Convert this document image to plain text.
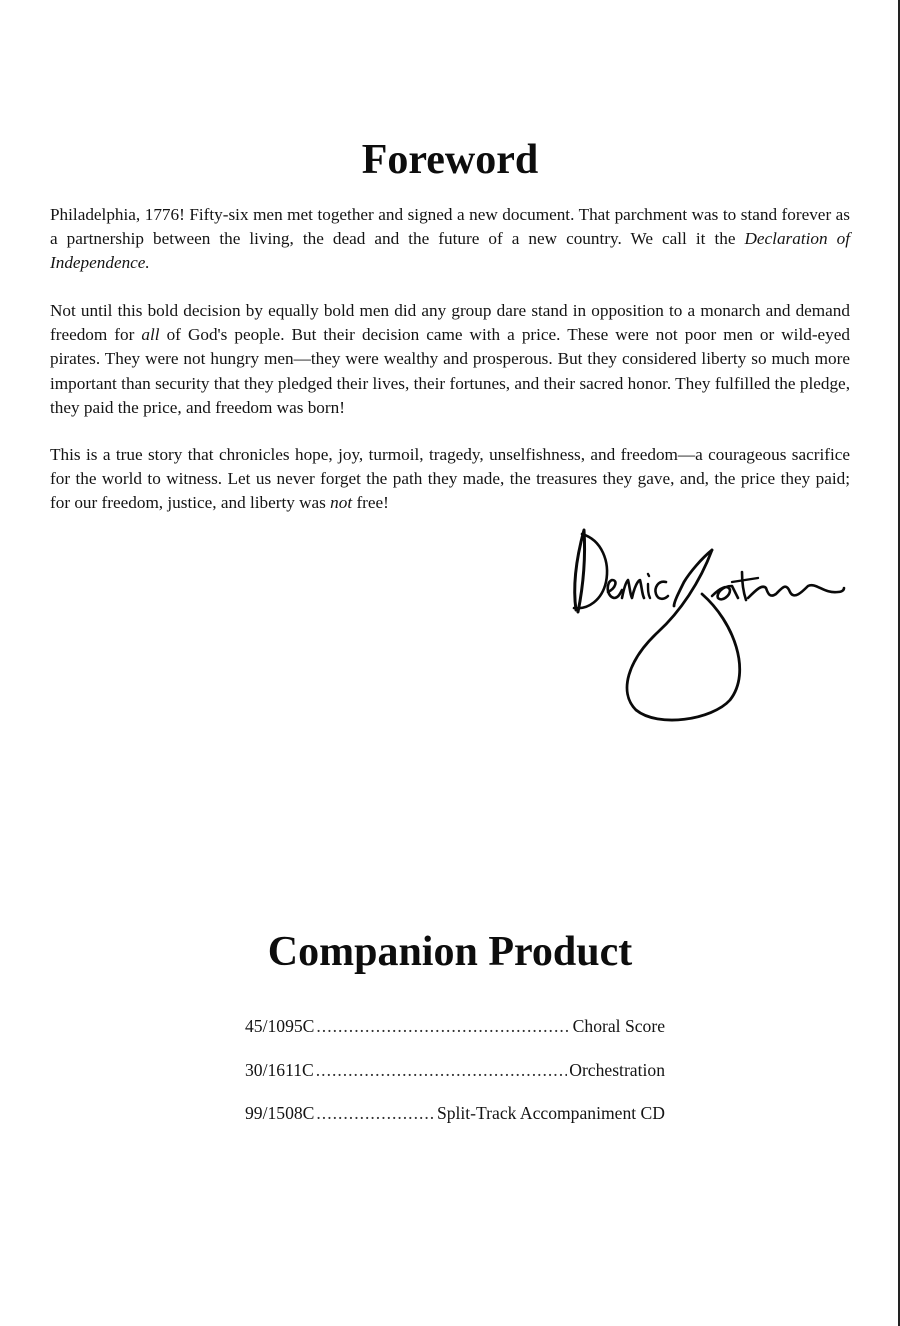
Foreword

Philadelphia, 1776! Fifty-six men met together and signed a new document. That parchment was to stand forever as a partnership between the living, the dead and the future of a new country. We call it the Declaration of Independence.

Not until this bold decision by equally bold men did any group dare stand in opposition to a monarch and demand freedom for all of God's people. But their decision came with a price. These were not poor men or wild-eyed pirates. They were not hungry men—they were wealthy and prosperous. But they considered liberty so much more important than security that they pledged their lives, their fortunes, and their sacred honor. They fulfilled the pledge, they paid the price, and freedom was born!

This is a true story that chronicles hope, joy, turmoil, tragedy, unselfishness, and freedom—a courageous sacrifice for the world to witness. Let us never forget the path they made, the treasures they gave, and, the price they paid; for our freedom, justice, and liberty was not free!

Companion Product
45/1095C .....	Choral Score
30/1611C .....	Orchestration
99/1508C .....	Split-Track Accompaniment CD
